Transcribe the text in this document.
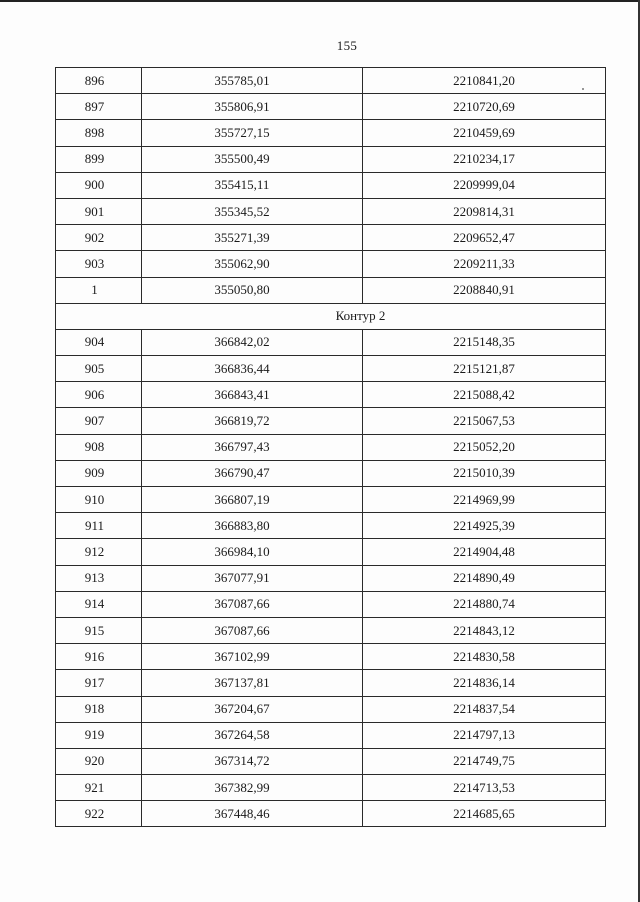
155
896	355785,01	2210841,20
897	355806,91	2210720,69
898	355727,15	2210459,69
899	355500,49	2210234,17
900	355415,11	2209999,04
901	355345,52	2209814,31
902	355271,39	2209652,47
903	355062,90	2209211,33
1	355050,80	2208840,91
Контур 2		
904	366842,02	2215148,35
905	366836,44	2215121,87
906	366843,41	2215088,42
907	366819,72	2215067,53
908	366797,43	2215052,20
909	366790,47	2215010,39
910	366807,19	2214969,99
911	366883,80	2214925,39
912	366984,10	2214904,48
913	367077,91	2214890,49
914	367087,66	2214880,74
915	367087,66	2214843,12
916	367102,99	2214830,58
917	367137,81	2214836,14
918	367204,67	2214837,54
919	367264,58	2214797,13
920	367314,72	2214749,75
921	367382,99	2214713,53
922	367448,46	2214685,65
